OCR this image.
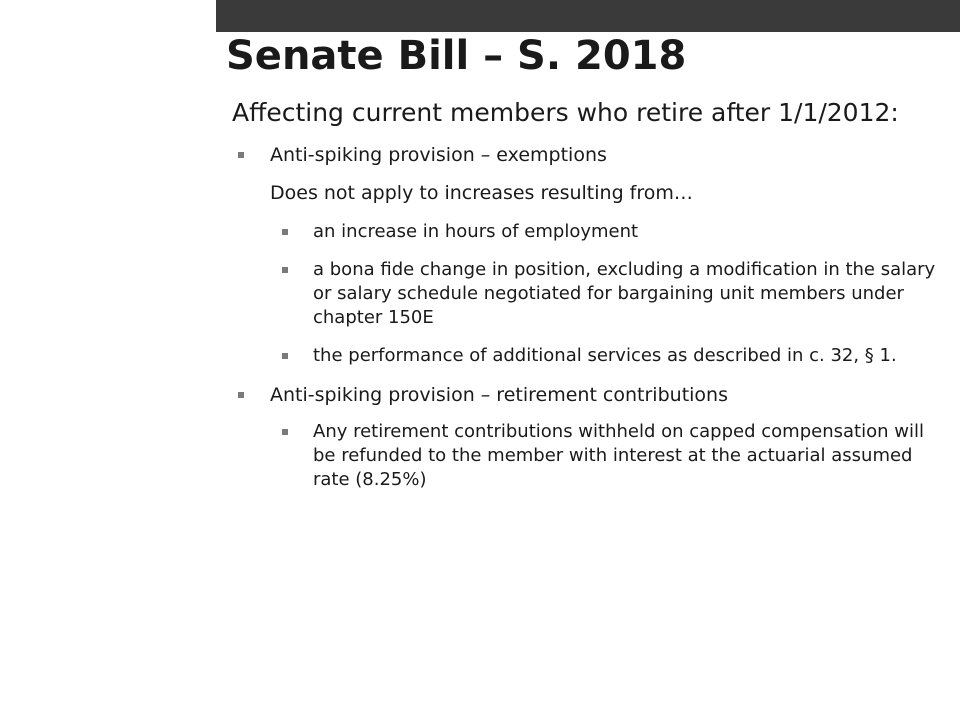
Senate Bill – S. 2018

Affecting current members who retire after 1/1/2012:

Anti-spiking provision – exemptions
Does not apply to increases resulting from…
an increase in hours of employment
a bona fide change in position, excluding a modification in the salary or salary schedule negotiated for bargaining unit members under chapter 150E
the performance of additional services as described in c. 32, § 1.
Anti-spiking provision – retirement contributions
Any retirement contributions withheld on capped compensation will be refunded to the member with interest at the actuarial assumed rate (8.25%)
